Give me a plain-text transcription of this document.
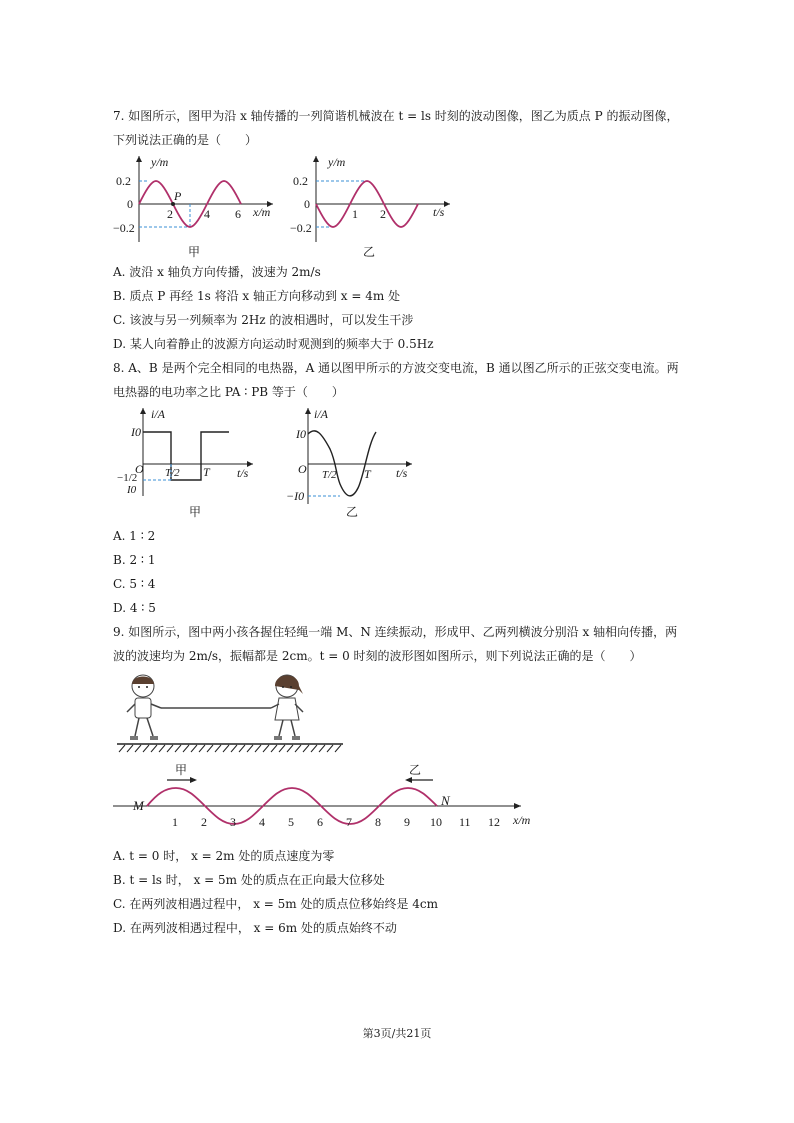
7. 如图所示，图甲为沿 x 轴传播的一列简谐机械波在 t = ls 时刻的波动图像，图乙为质点 P 的振动图像，
下列说法正确的是（　　）
y/m
0.2
0
−0.2
P
2	4 6 x/m
甲
y/m
0.2
0
−0.2
1 2	t/s
乙
A. 波沿 x 轴负方向传播，波速为 2m/s
B. 质点 P 再经 1s 将沿 x 轴正方向移动到 x = 4m 处
C. 该波与另一列频率为 2Hz 的波相遇时，可以发生干涉
D. 某人向着静止的波源方向运动时观测到的频率大于 0.5Hz
8. A、B 是两个完全相同的电热器，A 通以图甲所示的方波交变电流，B 通以图乙所示的正弦交变电流。两
电热器的电功率之比 PA ∶ PB 等于（　　）
i/A
I0
O
−1/2
I0
T/2 T t/s
甲
i/A
I0
O
−I0
T/2 T t/s
乙
A. 1 ∶ 2
B. 2 ∶ 1
C. 5 ∶ 4
D. 4 ∶ 5
9. 如图所示，图中两小孩各握住轻绳一端 M、N 连续振动，形成甲、乙两列横波分别沿 x 轴相向传播，两
波的波速均为 2m/s，振幅都是 2cm。t = 0 时刻的波形图如图所示，则下列说法正确的是（　　）
M	N
甲	乙
1 2 3 4 5 6 7 8 9 10 11 12 x/m
A. t = 0 时， x = 2m 处的质点速度为零
B. t = ls 时， x = 5m 处的质点在正向最大位移处
C. 在两列波相遇过程中， x = 5m 处的质点位移始终是 4cm
D. 在两列波相遇过程中， x = 6m 处的质点始终不动
第3页/共21页
